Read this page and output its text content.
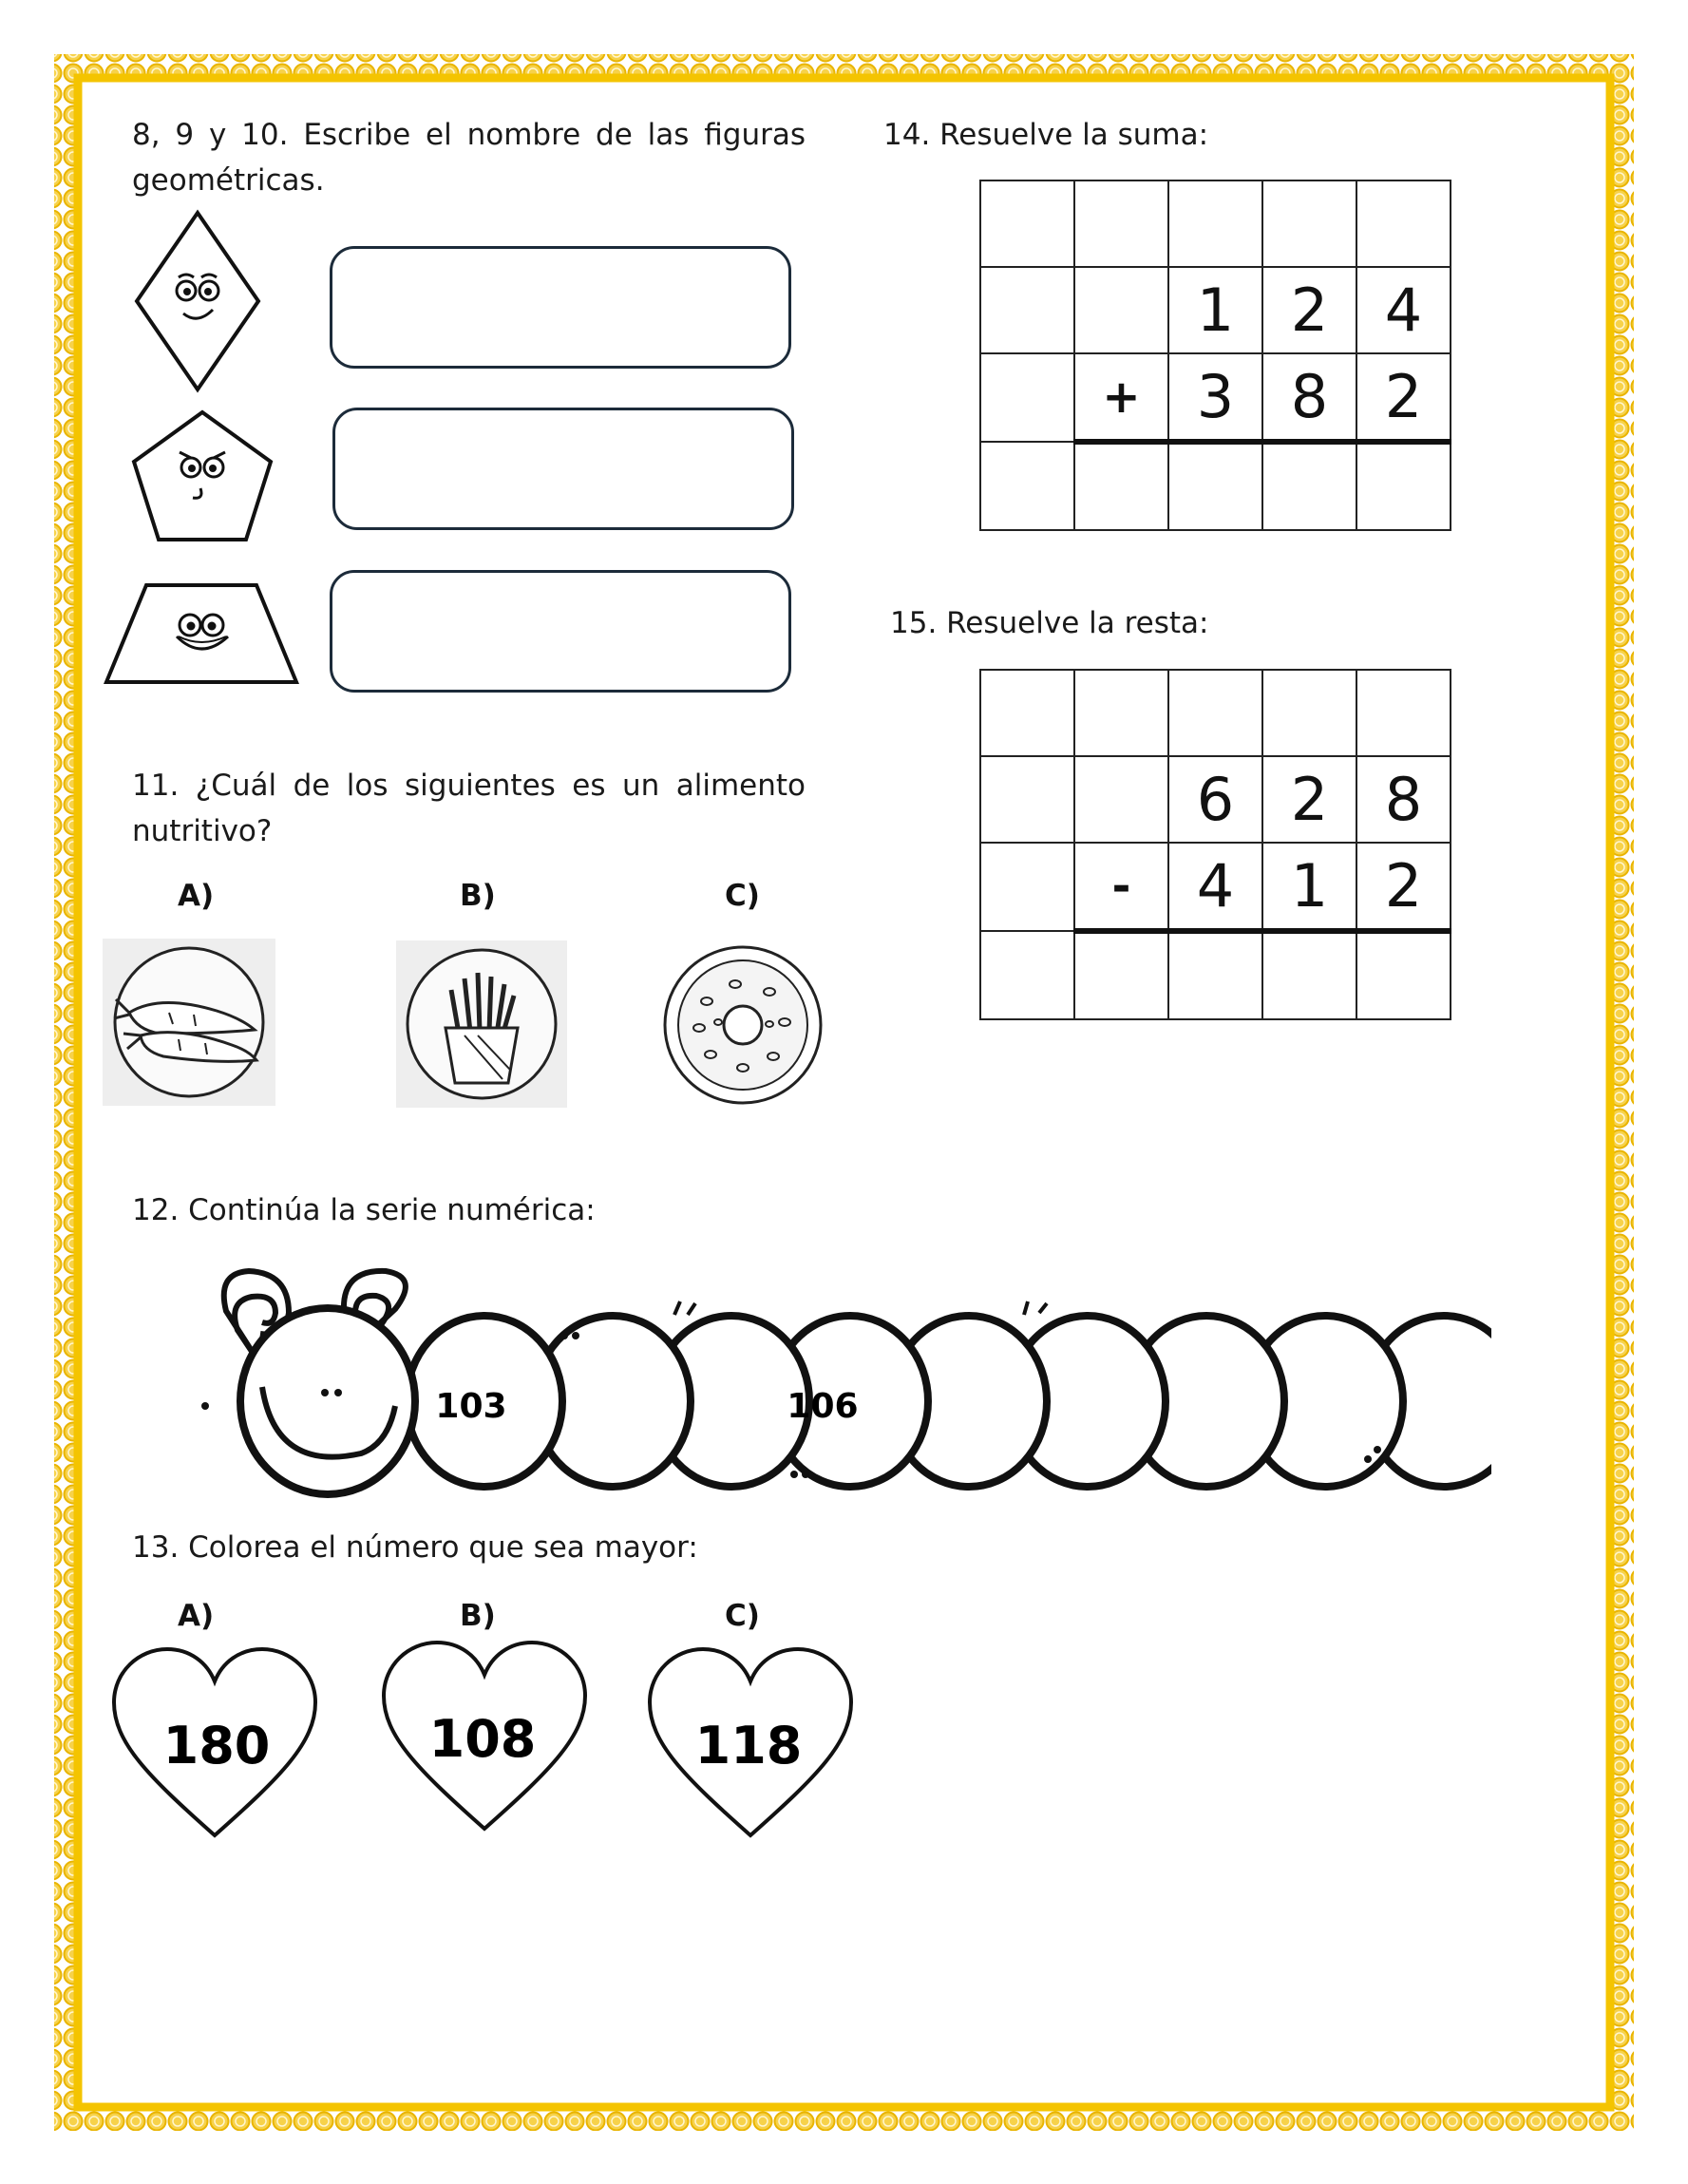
8, 9 y 10. Escribe el nombre de las figuras geométricas.
11. ¿Cuál de los siguientes es un alimento nutritivo?
A)	B)	C)
12. Continúa la serie numérica:
103	106
13. Colorea el número que sea mayor:
A)	B)	C)
180	108	118
14. Resuelve la suma:

		1	2	4
	+	3	8	2

15. Resuelve la resta:

		6	2	8
	-	4	1	2
